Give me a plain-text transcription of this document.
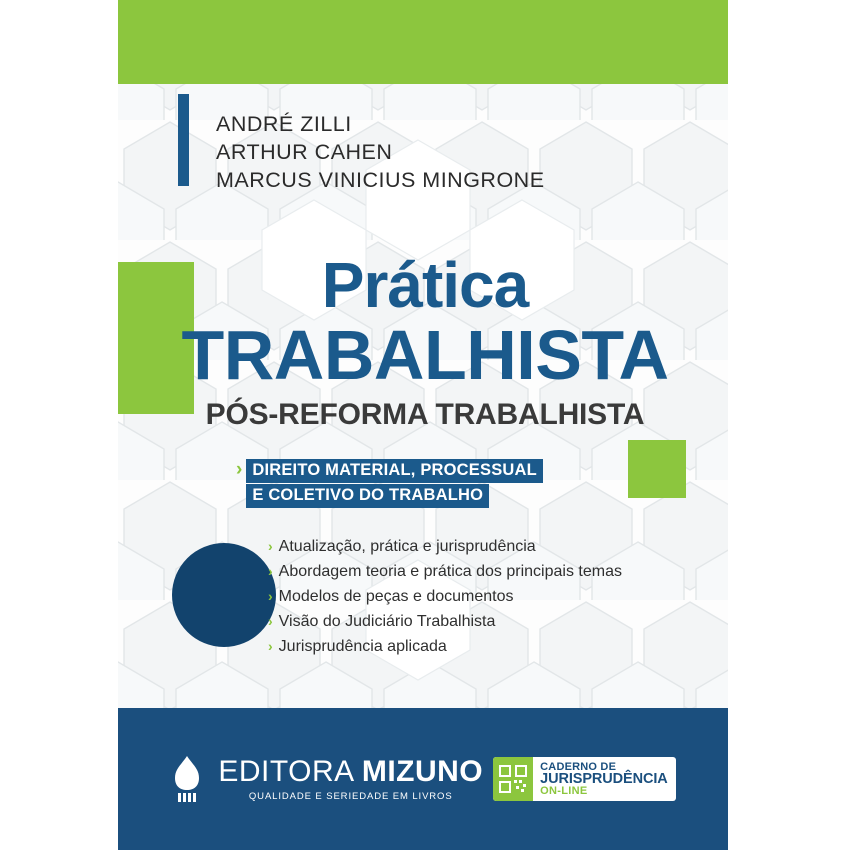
ANDRÉ ZILLI
ARTHUR CAHEN
MARCUS VINICIUS MINGRONE
Prática
TRABALHISTA
PÓS-REFORMA TRABALHISTA
› DIREITO MATERIAL, PROCESSUAL
E COLETIVO DO TRABALHO
› Atualização, prática e jurisprudência
› Abordagem teoria e prática dos principais temas
› Modelos de peças e documentos
› Visão do Judiciário Trabalhista
› Jurisprudência aplicada
EDITORA MIZUNO
QUALIDADE E SERIEDADE EM LIVROS
CADERNO DE
JURISPRUDÊNCIA
ON-LINE
